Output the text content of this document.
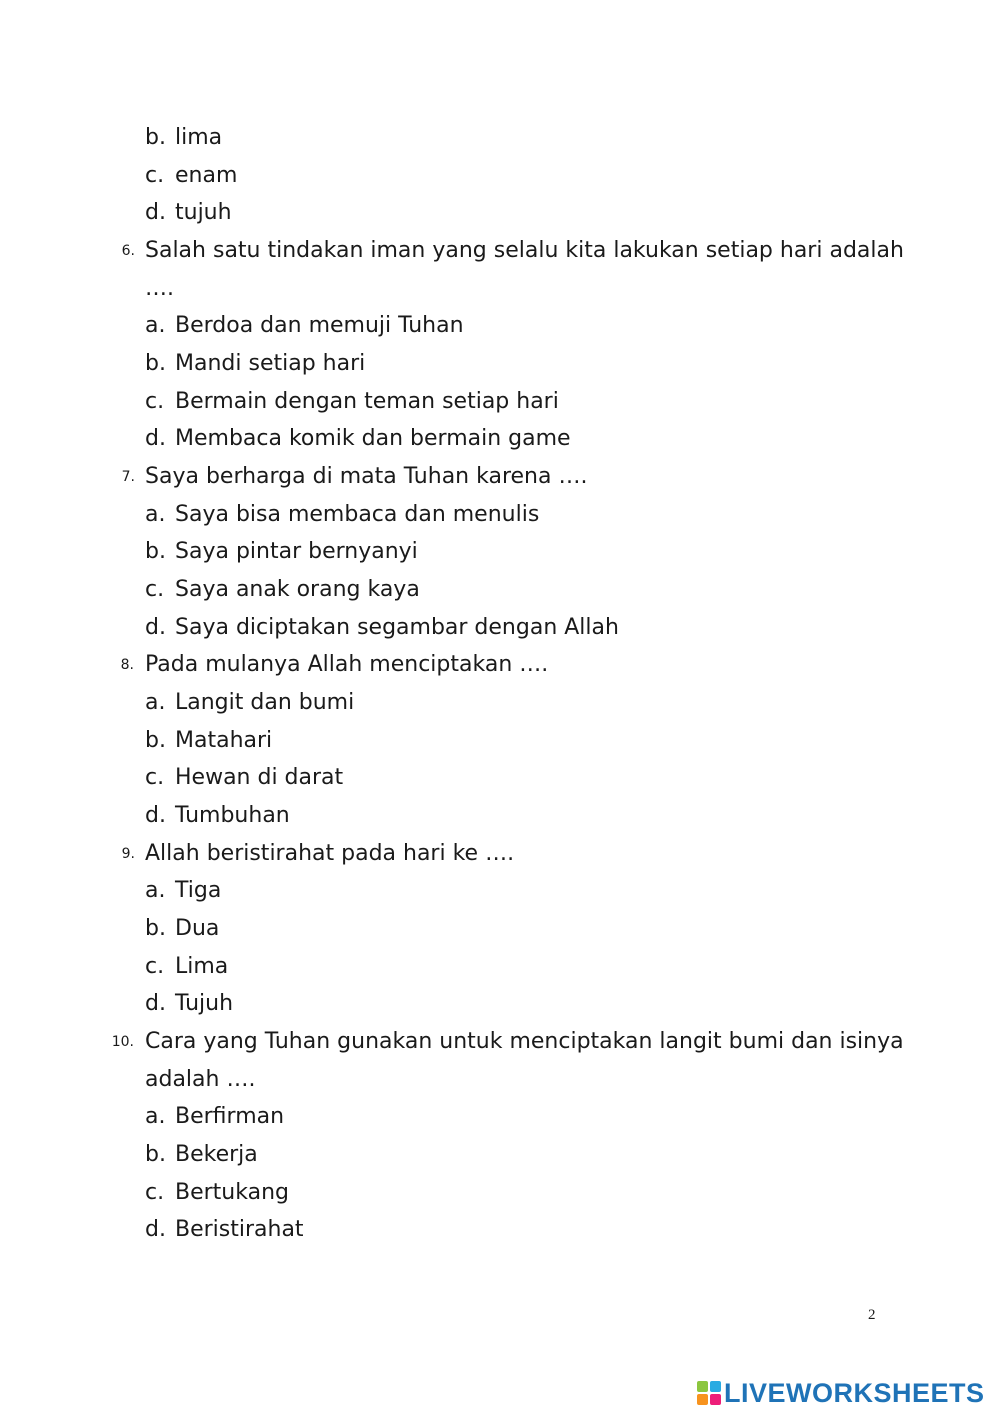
b. lima
c. enam
d. tujuh
6. Salah satu tindakan iman yang selalu kita lakukan setiap hari adalah
….
a. Berdoa dan memuji Tuhan
b. Mandi setiap hari
c. Bermain dengan teman setiap hari
d. Membaca komik dan bermain game
7. Saya berharga di mata Tuhan karena ….
a. Saya bisa membaca dan menulis
b. Saya pintar bernyanyi
c. Saya anak orang kaya
d. Saya diciptakan segambar dengan Allah
8. Pada mulanya Allah menciptakan ….
a. Langit dan bumi
b. Matahari
c. Hewan di darat
d. Tumbuhan
9. Allah beristirahat pada hari ke ….
a. Tiga
b. Dua
c. Lima
d. Tujuh
10. Cara yang Tuhan gunakan untuk menciptakan langit bumi dan isinya
adalah ….
a. Berfirman
b. Bekerja
c. Bertukang
d. Beristirahat
2
LIVEWORKSHEETS
